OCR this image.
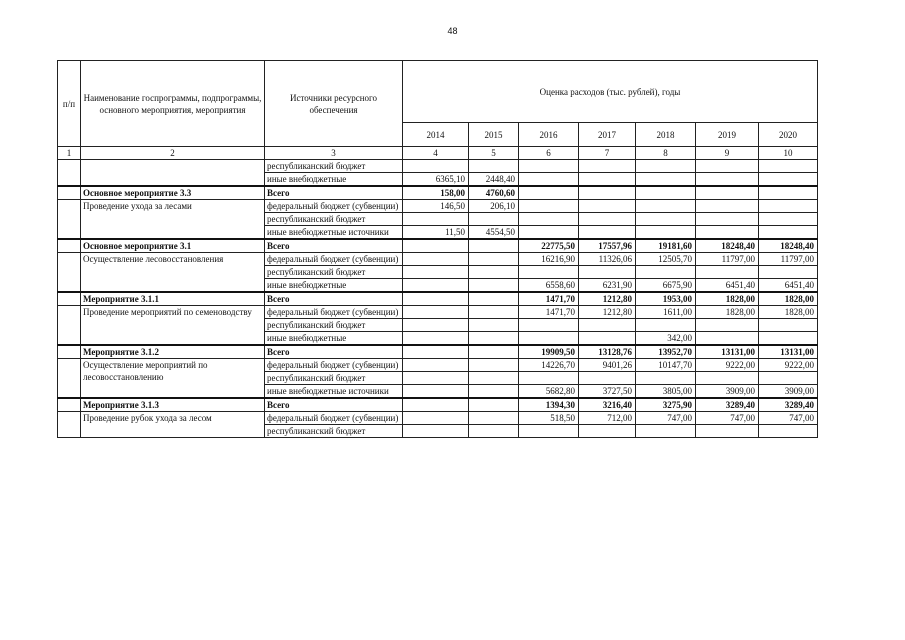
48
п/п	Наименование госпрограммы, подпрограммы, основного мероприятия, мероприятия	Источники ресурсного обеспечения	Оценка расходов (тыс. рублей), годы						
			2014	2015	2016	2017	2018	2019	2020
1	2	3	4	5	6	7	8	9	10
		республиканский бюджет							
		иные внебюджетные	6365,10	2448,40					
	Основное мероприятие 3.3	Всего	158,00	4760,60					
	Проведение ухода за лесами	федеральный бюджет (субвенции)	146,50	206,10					
		республиканский бюджет							
		иные внебюджетные источники	11,50	4554,50					
	Основное мероприятие 3.1	Всего			22775,50	17557,96	19181,60	18248,40	18248,40
	Осуществление лесовосстановления	федеральный бюджет (субвенции)			16216,90	11326,06	12505,70	11797,00	11797,00
		республиканский бюджет							
		иные внебюджетные			6558,60	6231,90	6675,90	6451,40	6451,40
	Мероприятие 3.1.1	Всего			1471,70	1212,80	1953,00	1828,00	1828,00
	Проведение мероприятий по семеноводству	федеральный бюджет (субвенции)			1471,70	1212,80	1611,00	1828,00	1828,00
		республиканский бюджет							
		иные внебюджетные					342,00		
	Мероприятие 3.1.2	Всего			19909,50	13128,76	13952,70	13131,00	13131,00
	Осуществление мероприятий по лесовосстановлению	федеральный бюджет (субвенции)			14226,70	9401,26	10147,70	9222,00	9222,00
		республиканский бюджет							
		иные внебюджетные источники			5682,80	3727,50	3805,00	3909,00	3909,00
	Мероприятие 3.1.3	Всего			1394,30	3216,40	3275,90	3289,40	3289,40
	Проведение рубок ухода за лесом	федеральный бюджет (субвенции)			518,50	712,00	747,00	747,00	747,00
		республиканский бюджет							
